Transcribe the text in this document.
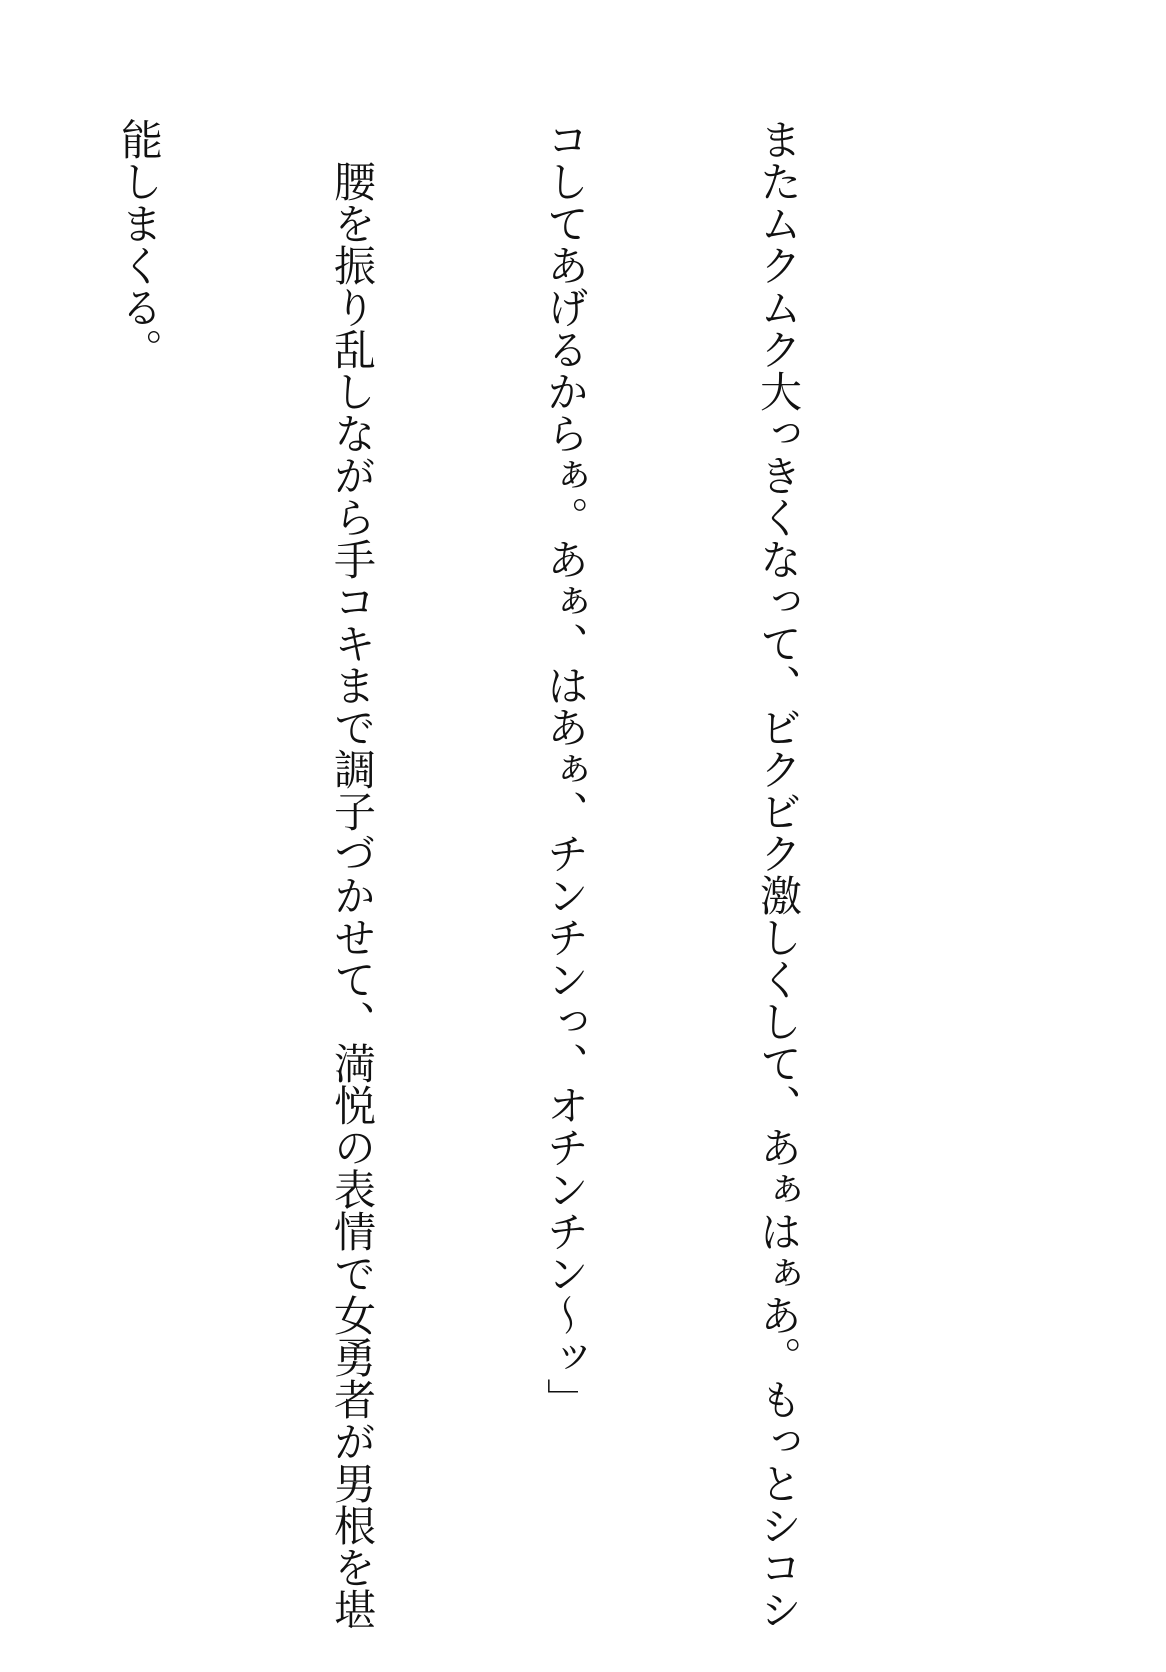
またムクムク大っきくなって、ビクビク激しくして、あぁはぁあ。もっとシコシ

コしてあげるからぁ。あぁ、はあぁ、チンチンっ、オチンチン～ッ」

　腰を振り乱しながら手コキまで調子づかせて、満悦の表情で女勇者が男根を堪

能しまくる。
